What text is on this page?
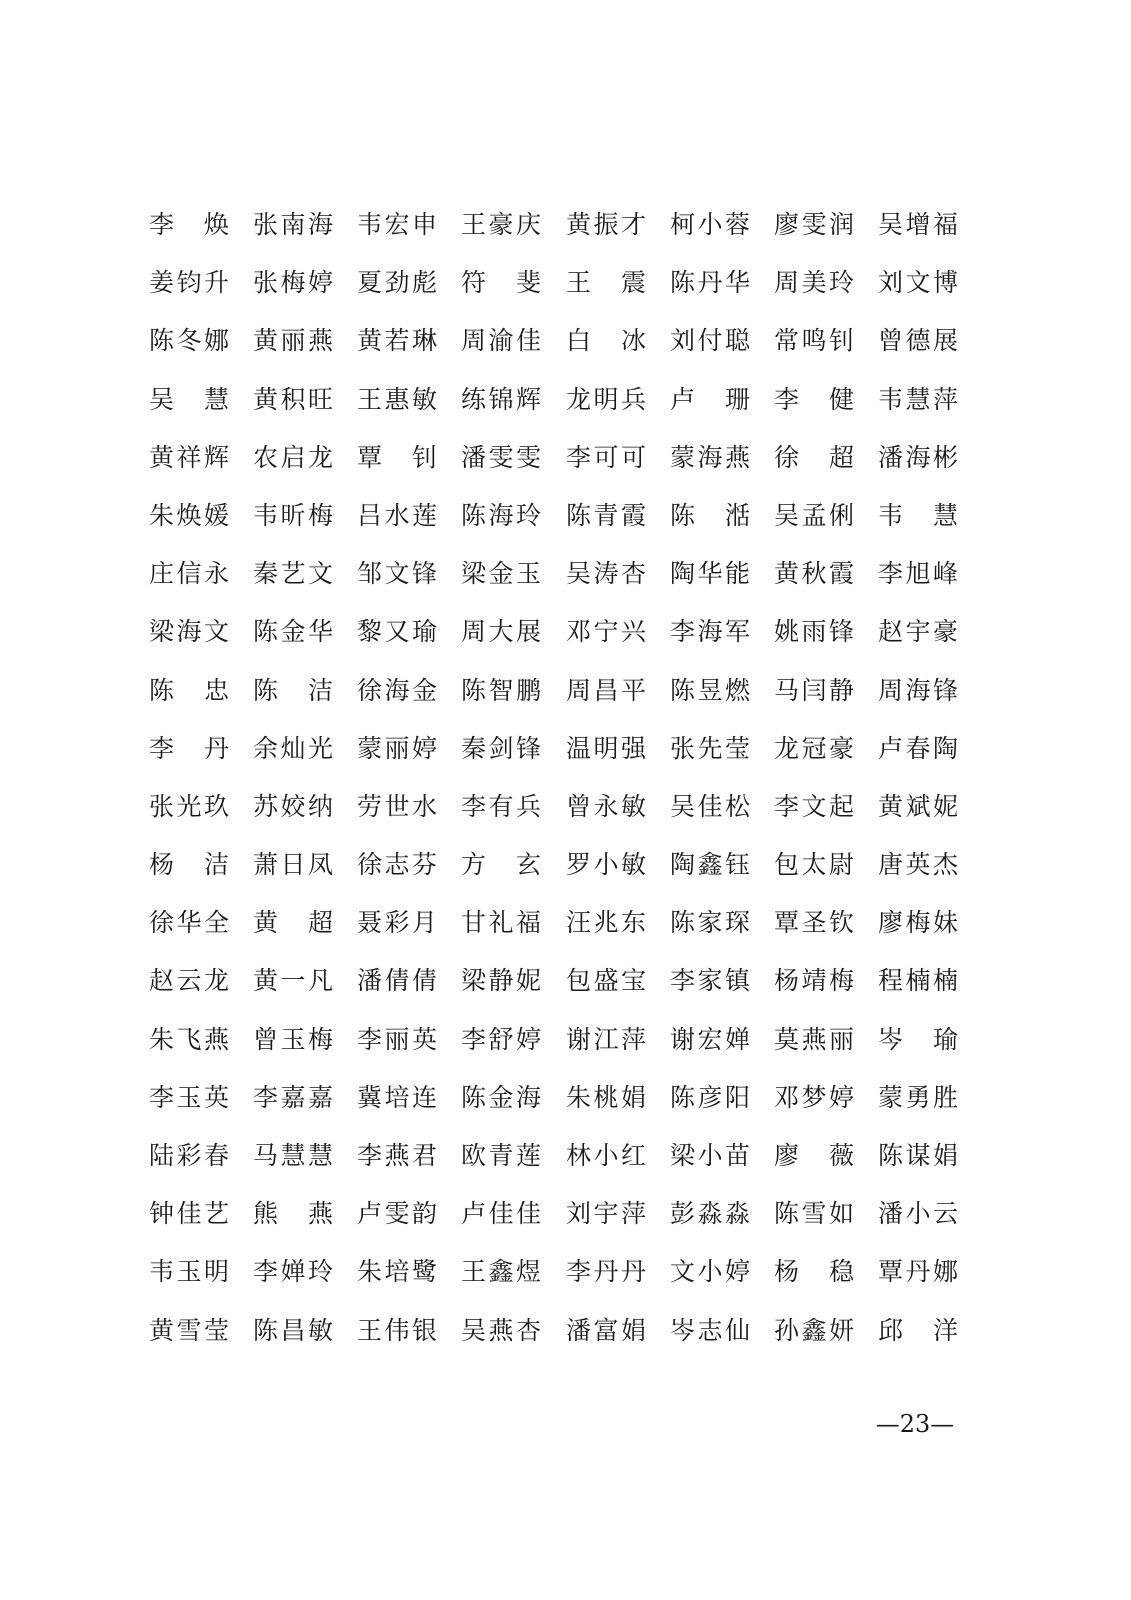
李 焕 张 南 海 韦 宏 申 王 豪 庆 黄 振 才 柯 小 蓉 廖 雯 润 吴 增 福
姜 钧 升 张 梅 婷 夏 劲 彪 符 斐 王 震 陈 丹 华 周 美 玲 刘 文 博
陈 冬 娜 黄 丽 燕 黄 若 琳 周 渝 佳 白 冰 刘 付 聪 常 鸣 钊 曾 德 展
吴 慧 黄 积 旺 王 惠 敏 练 锦 辉 龙 明 兵 卢 珊 李 健 韦 慧 萍
黄 祥 辉 农 启 龙 覃 钊 潘 雯 雯 李 可 可 蒙 海 燕 徐 超 潘 海 彬
朱 焕 媛 韦 昕 梅 吕 水 莲 陈 海 玲 陈 青 霞 陈 湉 吴 孟 俐 韦 慧
庄 信 永 秦 艺 文 邹 文 锋 梁 金 玉 吴 涛 杏 陶 华 能 黄 秋 霞 李 旭 峰
梁 海 文 陈 金 华 黎 又 瑜 周 大 展 邓 宁 兴 李 海 军 姚 雨 锋 赵 宇 豪
陈 忠 陈 洁 徐 海 金 陈 智 鹏 周 昌 平 陈 昱 燃 马 闫 静 周 海 锋
李 丹 余 灿 光 蒙 丽 婷 秦 剑 锋 温 明 强 张 先 莹 龙 冠 豪 卢 春 陶
张 光 玖 苏 姣 纳 劳 世 水 李 有 兵 曾 永 敏 吴 佳 松 李 文 起 黄 斌 妮
杨 洁 萧 日 凤 徐 志 芬 方 玄 罗 小 敏 陶 鑫 钰 包 太 尉 唐 英 杰
徐 华 全 黄 超 聂 彩 月 甘 礼 福 汪 兆 东 陈 家 琛 覃 圣 钦 廖 梅 妹
赵 云 龙 黄 一 凡 潘 倩 倩 梁 静 妮 包 盛 宝 李 家 镇 杨 靖 梅 程 楠 楠
朱 飞 燕 曾 玉 梅 李 丽 英 李 舒 婷 谢 江 萍 谢 宏 婵 莫 燕 丽 岑 瑜
李 玉 英 李 嘉 嘉 冀 培 连 陈 金 海 朱 桃 娟 陈 彦 阳 邓 梦 婷 蒙 勇 胜
陆 彩 春 马 慧 慧 李 燕 君 欧 青 莲 林 小 红 梁 小 苗 廖 薇 陈 谋 娟
钟 佳 艺 熊 燕 卢 雯 韵 卢 佳 佳 刘 宇 萍 彭 淼 淼 陈 雪 如 潘 小 云
韦 玉 明 李 婵 玲 朱 培 鹭 王 鑫 煜 李 丹 丹 文 小 婷 杨 稳 覃 丹 娜
黄 雪 莹 陈 昌 敏 王 伟 银 吴 燕 杏 潘 富 娟 岑 志 仙 孙 鑫 妍 邱 洋
—23—
